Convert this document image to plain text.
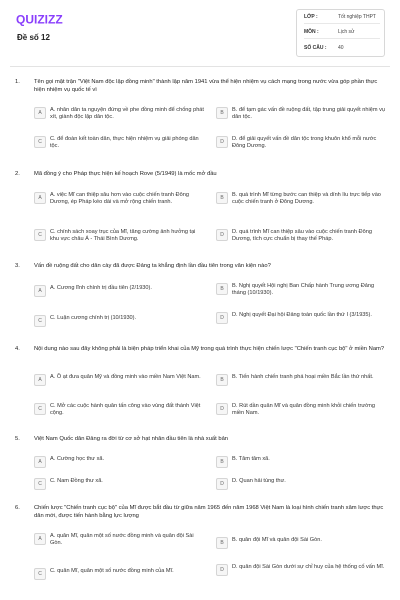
QUIZIZZ
Đề số 12
LỚP :	Tốt nghiệp THPT
MÔN :	Lịch sử
SỐ CÂU :	40
1. Tên gọi mặt trận "Việt Nam độc lập đồng minh" thành lập năm 1941 vừa thể hiện nhiệm vụ cách mạng trong nước vừa góp phần thực hiện nhiệm vụ quốc tế vì
A	A. nhân dân ta nguyện đứng về phe đồng minh để chống phát xít, giành độc lập dân tộc.
B	B. để tạm gác vấn đề ruộng đất, tập trung giải quyết nhiệm vụ dân tộc.
C	C. để đoàn kết toàn dân, thực hiện nhiệm vụ giải phóng dân tộc.
D	D. để giải quyết vấn đề dân tộc trong khuôn khổ mỗi nước Đông Dương.
2. Mã đồng ý cho Pháp thực hiện kế hoạch Rove (5/1949) là mốc mở đầu
A	A. việc Mĩ can thiệp sâu hơn vào cuộc chiến tranh Đông Dương, ép Pháp kéo dài và mở rộng chiến tranh.
B	B. quá trình Mĩ từng bước can thiệp và dính líu trực tiếp vào cuộc chiến tranh ở Đông Dương.
C	C. chính sách xoay trục của Mĩ, tăng cường ảnh hưởng tại khu vực châu Á - Thái Bình Dương.
D	D. quá trình Mĩ can thiệp sâu vào cuộc chiến tranh Đông Dương, tích cực chuẩn bị thay thế Pháp.
3. Vấn đề ruộng đất cho dân cày đã được Đảng ta khẳng định lần đầu tiên trong văn kiện nào?
A	A. Cương lĩnh chính trị đầu tiên (2/1930).	B	B. Nghị quyết Hội nghị Ban Chấp hành Trung ương Đảng tháng (10/1930).
C	C. Luận cương chính trị (10/1930).	D	D. Nghị quyết Đại hội Đảng toàn quốc lần thứ I (3/1935).
4. Nội dung nào sau đây không phải là biện pháp triển khai của Mỹ trong quá trình thực hiện chiến lược "Chiến tranh cục bộ" ở miền Nam?
A	A. Ồ ạt đưa quân Mỹ và đồng minh vào miền Nam Việt Nam.	B	B. Tiến hành chiến tranh phá hoại miền Bắc lần thứ nhất.
C	C. Mở các cuộc hành quân tấn công vào vùng đất thánh Việt cộng.
D	D. Rút dần quân Mĩ và quân đồng minh khỏi chiến trường miền Nam.
5. Việt Nam Quốc dân Đảng ra đời từ cơ sở hạt nhân đầu tiên là nhà xuất bản
A	A. Cường học thư xã.	B	B. Tâm tâm xã.
C	C. Nam Đồng thư xã.	D	D. Quan hải tùng thư.
6. Chiến lược "Chiến tranh cục bộ" của Mĩ được bắt đầu từ giữa năm 1965 đến năm 1968 Việt Nam là loại hình chiến tranh xâm lược thực dân mới, được tiến hành bằng lực lượng
A	A. quân Mĩ, quân một số nước đồng minh và quân đội Sài Gòn.	B	B. quân đội Mĩ và quân đội Sài Gòn.
C	C. quân Mĩ, quân một số nước đồng minh của Mĩ.	D	D. quân đội Sài Gòn dưới sự chỉ huy của hệ thống cố vấn Mĩ.
